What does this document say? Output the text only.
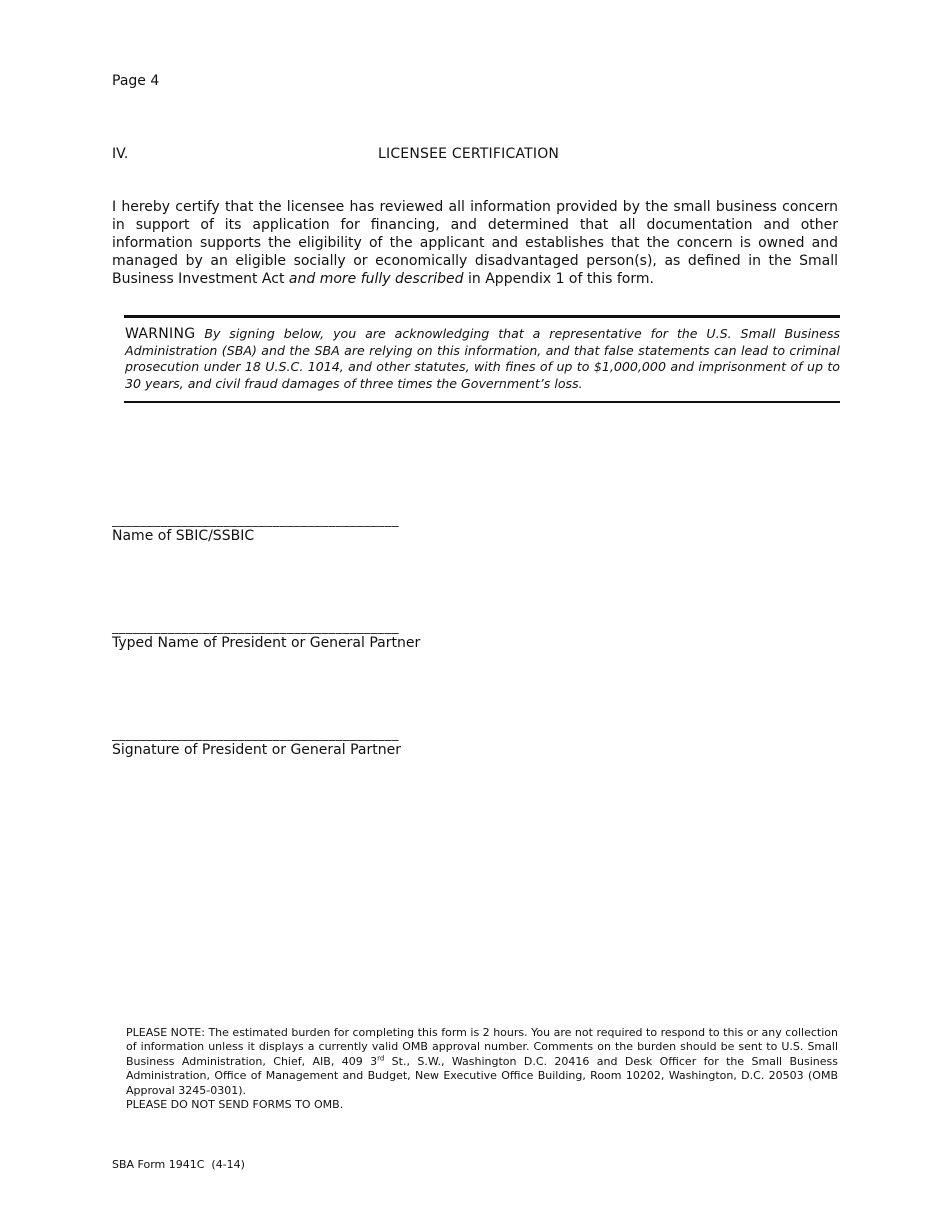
Page 4
IV.	LICENSEE CERTIFICATION
I hereby certify that the licensee has reviewed all information provided by the small business concern in support of its application for financing, and determined that all documentation and other information supports the eligibility of the applicant and establishes that the concern is owned and managed by an eligible socially or economically disadvantaged person(s), as defined in the Small Business Investment Act and more fully described in Appendix 1 of this form.
WARNING By signing below, you are acknowledging that a representative for the U.S. Small Business Administration (SBA) and the SBA are relying on this information, and that false statements can lead to criminal prosecution under 18 U.S.C. 1014, and other statutes, with fines of up to $1,000,000 and imprisonment of up to 30 years, and civil fraud damages of three times the Government’s loss.
_________________________________________
Name of SBIC/SSBIC
_________________________________________
Typed Name of President or General Partner
_________________________________________
Signature of President or General Partner
PLEASE NOTE: The estimated burden for completing this form is 2 hours. You are not required to respond to this or any collection of information unless it displays a currently valid OMB approval number. Comments on the burden should be sent to U.S. Small Business Administration, Chief, AIB, 409 3rd St., S.W., Washington D.C. 20416 and Desk Officer for the Small Business Administration, Office of Management and Budget, New Executive Office Building, Room 10202, Washington, D.C. 20503 (OMB Approval 3245-0301).
PLEASE DO NOT SEND FORMS TO OMB.
SBA Form 1941C  (4-14)
